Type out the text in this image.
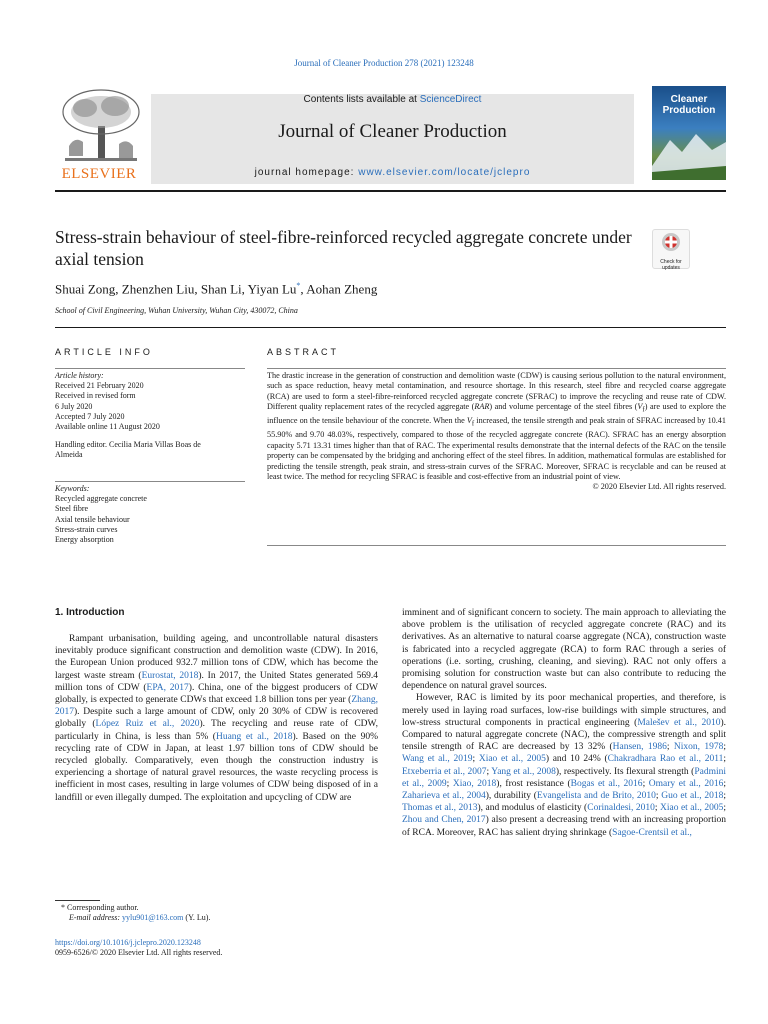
Journal of Cleaner Production 278 (2021) 123248
ELSEVIER
Contents lists available at ScienceDirect
Journal of Cleaner Production
journal homepage: www.elsevier.com/locate/jclepro
Cleaner
Production
Stress-strain behaviour of steel-fibre-reinforced recycled aggregate concrete under axial tension	Check for updates
Shuai Zong, Zhenzhen Liu, Shan Li, Yiyan Lu*, Aohan Zheng
School of Civil Engineering, Wuhan University, Wuhan City, 430072, China
ARTICLE INFO
Article history:
Received 21 February 2020
Received in revised form
6 July 2020
Accepted 7 July 2020
Available online 11 August 2020
Handling editor. Cecilia Maria Villas Boas de
Almeida
Keywords:
Recycled aggregate concrete
Steel fibre
Axial tensile behaviour
Stress-strain curves
Energy absorption
ABSTRACT
The drastic increase in the generation of construction and demolition waste (CDW) is causing serious pollution to the natural environment, such as space reduction, heavy metal contamination, and resource shortage. In this research, steel fibre and recycled coarse aggregate (RCA) are used to form a steel-fibre-reinforced recycled aggregate concrete (SFRAC) to improve the recycling and reuse rate of CDW. Different quality replacement rates of the recycled aggregate (RAR) and volume percentage of the steel fibres $(V_f)$ are used to explore the influence on the tensile behaviour of the concrete. When the $V_f$ increased, the tensile strength and peak strain of SFRAC increased by 10.41 55.90% and 9.70 48.03%, respectively, compared to those of the recycled aggregate concrete (RAC). SFRAC has an energy absorption capacity 5.71 13.31 times higher than that of RAC. The experimental results demonstrate that the internal defects of the RAC on the tensile property can be compensated by the bridging and anchoring effect of the steel fibres. In addition, mathematical formulas are established for predicting the tensile strength, peak strain, and stress-strain curves of the SFRAC. Moreover, SFRAC is recyclable and can be reused at least twice. The method for recycling SFRAC is feasible and cost-effective from an industrial point of view.
© 2020 Elsevier Ltd. All rights reserved.
1. Introduction
Rampant urbanisation, building ageing, and uncontrollable natural disasters inevitably produce significant construction and demolition waste (CDW). In 2016, the European Union produced 932.7 million tons of CDW, which has become the largest waste stream (Eurostat, 2018). In 2017, the United States generated 569.4 million tons of CDW (EPA, 2017). China, one of the biggest producers of CDW globally, is expected to generate CDWs that exceed 1.8 billion tons per year (Zhang, 2017). Despite such a large amount of CDW, only 20 30% of CDW is recovered globally (López Ruiz et al., 2020). The recycling and reuse rate of CDW, particularly in China, is less than 5% (Huang et al., 2018). Based on the 90% recycling rate of CDW in Japan, at least 1.97 billion tons of CDW should be recycled globally. Comparatively, even though the construction industry is experiencing a shortage of natural gravel resources, the waste recycling process is inefficient in most cases, resulting in large volumes of CDW being disposed of in a landfill or even illegally dumped. The exploitation and upcycling of CDW are
imminent and of significant concern to society. The main approach to alleviating the above problem is the utilisation of recycled aggregate concrete (RAC) and its derivatives. As an alternative to natural coarse aggregate (NCA), construction waste is fabricated into a recycled aggregate (RCA) to form RAC through a series of operations (i.e. sorting, crushing, cleaning, and sieving). RAC not only offers a promising solution for construction waste but can also contribute to reducing the dependence on natural gravel sources.
However, RAC is limited by its poor mechanical properties, and therefore, is merely used in laying road surfaces, low-rise buildings with simple structures, and low-stress structural components in practical engineering (Malešev et al., 2010). Compared to natural aggregate concrete (NAC), the compressive strength and split tensile strength of RAC are decreased by 13 32% (Hansen, 1986; Nixon, 1978; Wang et al., 2019; Xiao et al., 2005) and 10 24% (Chakradhara Rao et al., 2011; Etxeberria et al., 2007; Yang et al., 2008), respectively. Its flexural strength (Padmini et al., 2009; Xiao, 2018), frost resistance (Bogas et al., 2016; Omary et al., 2016; Zaharieva et al., 2004), durability (Evangelista and de Brito, 2010; Guo et al., 2018; Thomas et al., 2013), and modulus of elasticity (Corinaldesi, 2010; Xiao et al., 2005; Zhou and Chen, 2017) also present a decreasing trend with an increasing proportion of RCA. Moreover, RAC has salient drying shrinkage (Sagoe-Crentsil et al.,
* Corresponding author.
E-mail address: yylu901@163.com (Y. Lu).
https://doi.org/10.1016/j.jclepro.2020.123248
0959-6526/© 2020 Elsevier Ltd. All rights reserved.
